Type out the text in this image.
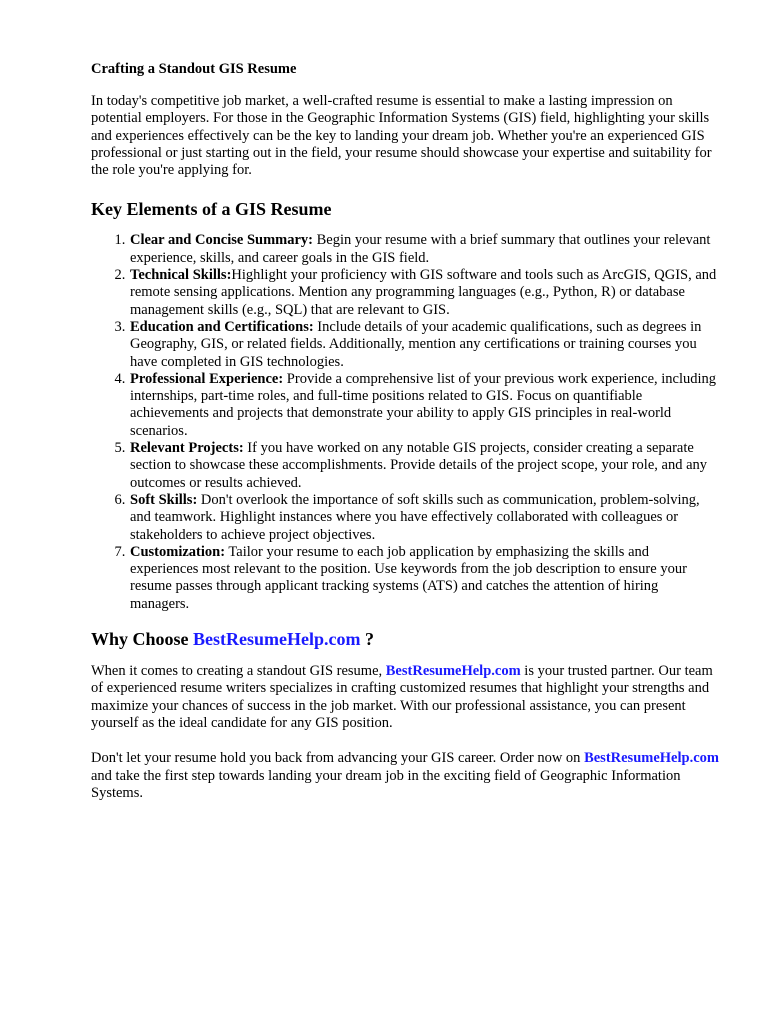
Crafting a Standout GIS Resume

In today's competitive job market, a well-crafted resume is essential to make a lasting impression on potential employers. For those in the Geographic Information Systems (GIS) field, highlighting your skills and experiences effectively can be the key to landing your dream job. Whether you're an experienced GIS professional or just starting out in the field, your resume should showcase your expertise and suitability for the role you're applying for.

Key Elements of a GIS Resume
1. Clear and Concise Summary: Begin your resume with a brief summary that outlines your relevant experience, skills, and career goals in the GIS field.
2. Technical Skills:Highlight your proficiency with GIS software and tools such as ArcGIS, QGIS, and remote sensing applications. Mention any programming languages (e.g., Python, R) or database management skills (e.g., SQL) that are relevant to GIS.
3. Education and Certifications: Include details of your academic qualifications, such as degrees in Geography, GIS, or related fields. Additionally, mention any certifications or training courses you have completed in GIS technologies.
4. Professional Experience: Provide a comprehensive list of your previous work experience, including internships, part-time roles, and full-time positions related to GIS. Focus on quantifiable achievements and projects that demonstrate your ability to apply GIS principles in real-world scenarios.
5. Relevant Projects: If you have worked on any notable GIS projects, consider creating a separate section to showcase these accomplishments. Provide details of the project scope, your role, and any outcomes or results achieved.
6. Soft Skills: Don't overlook the importance of soft skills such as communication, problem-solving, and teamwork. Highlight instances where you have effectively collaborated with colleagues or stakeholders to achieve project objectives.
7. Customization: Tailor your resume to each job application by emphasizing the skills and experiences most relevant to the position. Use keywords from the job description to ensure your resume passes through applicant tracking systems (ATS) and catches the attention of hiring managers.
Why Choose BestResumeHelp.com ?

When it comes to creating a standout GIS resume, BestResumeHelp.com is your trusted partner. Our team of experienced resume writers specializes in crafting customized resumes that highlight your strengths and maximize your chances of success in the job market. With our professional assistance, you can present yourself as the ideal candidate for any GIS position.

Don't let your resume hold you back from advancing your GIS career. Order now on BestResumeHelp.com and take the first step towards landing your dream job in the exciting field of Geographic Information Systems.
